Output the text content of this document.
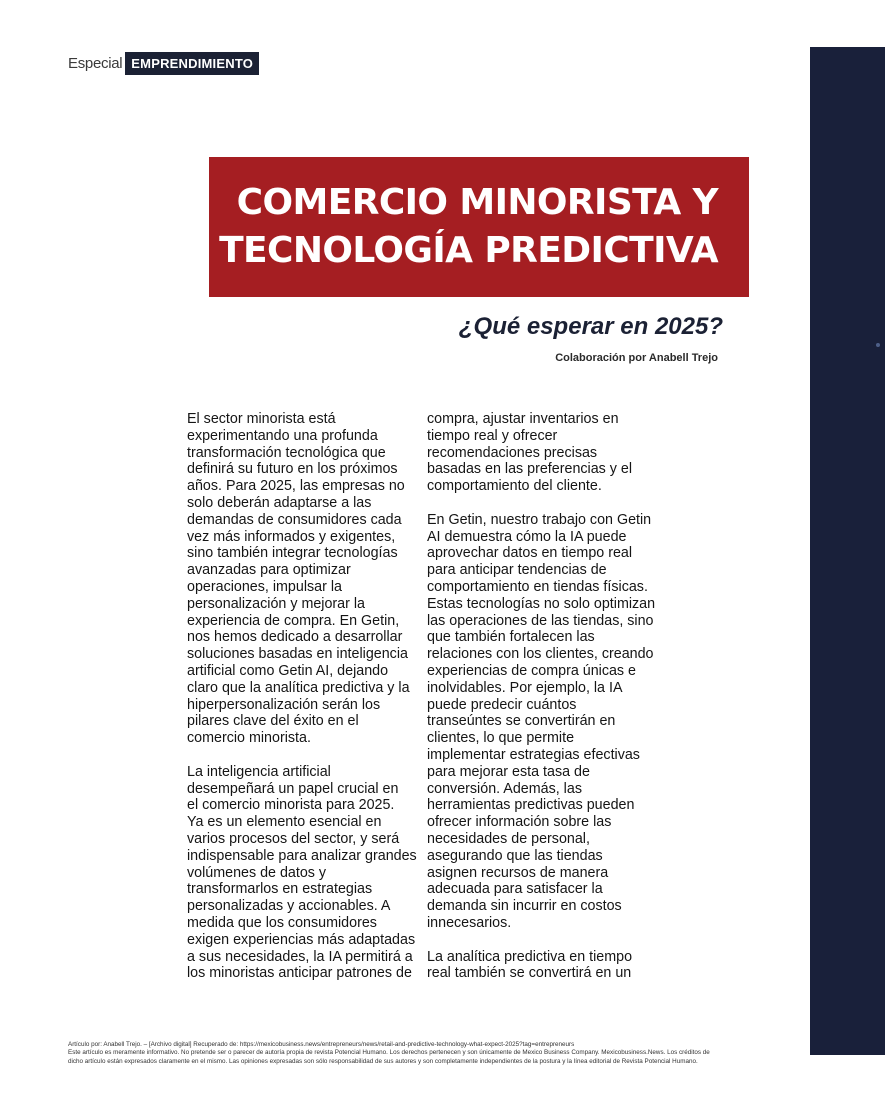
Especial EMPRENDIMIENTO
COMERCIO MINORISTA Y
TECNOLOGÍA PREDICTIVA
¿Qué esperar en 2025?
Colaboración por Anabell Trejo

El sector minorista está
experimentando una profunda
transformación tecnológica que
definirá su futuro en los próximos
años. Para 2025, las empresas no
solo deberán adaptarse a las
demandas de consumidores cada
vez más informados y exigentes,
sino también integrar tecnologías
avanzadas para optimizar
operaciones, impulsar la
personalización y mejorar la
experiencia de compra. En Getin,
nos hemos dedicado a desarrollar
soluciones basadas en inteligencia
artificial como Getin AI, dejando
claro que la analítica predictiva y la
hiperpersonalización serán los
pilares clave del éxito en el
comercio minorista.

La inteligencia artificial
desempeñará un papel crucial en
el comercio minorista para 2025.
Ya es un elemento esencial en
varios procesos del sector, y será
indispensable para analizar grandes
volúmenes de datos y
transformarlos en estrategias
personalizadas y accionables. A
medida que los consumidores
exigen experiencias más adaptadas
a sus necesidades, la IA permitirá a
los minoristas anticipar patrones de

compra, ajustar inventarios en
tiempo real y ofrecer
recomendaciones precisas
basadas en las preferencias y el
comportamiento del cliente.

En Getin, nuestro trabajo con Getin
AI demuestra cómo la IA puede
aprovechar datos en tiempo real
para anticipar tendencias de
comportamiento en tiendas físicas.
Estas tecnologías no solo optimizan
las operaciones de las tiendas, sino
que también fortalecen las
relaciones con los clientes, creando
experiencias de compra únicas e
inolvidables. Por ejemplo, la IA
puede predecir cuántos
transeúntes se convertirán en
clientes, lo que permite
implementar estrategias efectivas
para mejorar esta tasa de
conversión. Además, las
herramientas predictivas pueden
ofrecer información sobre las
necesidades de personal,
asegurando que las tiendas
asignen recursos de manera
adecuada para satisfacer la
demanda sin incurrir en costos
innecesarios.

La analítica predictiva en tiempo
real también se convertirá en un

Artículo por: Anabell Trejo. – [Archivo digital] Recuperado de: https://mexicobusiness.news/entrepreneurs/news/retail-and-predictive-technology-what-expect-2025?tag=entrepreneurs
Este artículo es meramente informativo. No pretende ser o parecer de autoría propia de revista Potencial Humano. Los derechos pertenecen y son únicamente de Mexico Business Company. Mexicobusiness.News. Los créditos de
dicho artículo están expresados claramente en el mismo. Las opiniones expresadas son sólo responsabilidad de sus autores y son completamente independientes de la postura y la línea editorial de Revista Potencial Humano.
